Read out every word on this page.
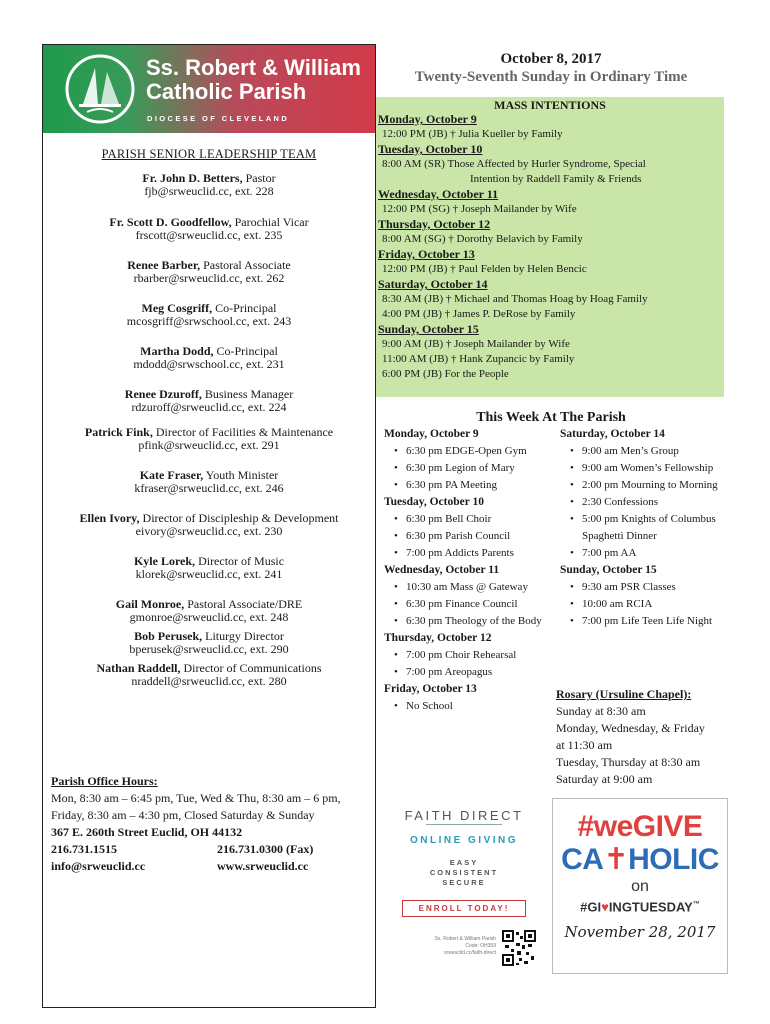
Ss. Robert & William
Catholic Parish
DIOCESE OF CLEVELAND
PARISH SENIOR LEADERSHIP TEAM
Fr. John D. Betters, Pastor
fjb@srweuclid.cc, ext. 228
Fr. Scott D. Goodfellow, Parochial Vicar
frscott@srweuclid.cc, ext. 235
Renee Barber, Pastoral Associate
rbarber@srweuclid.cc, ext. 262
Meg Cosgriff, Co-Principal
mcosgriff@srwschool.cc, ext. 243
Martha Dodd, Co-Principal
mdodd@srwschool.cc, ext. 231
Renee Dzuroff, Business Manager
rdzuroff@srweuclid.cc, ext. 224
Patrick Fink, Director of Facilities & Maintenance
pfink@srweuclid.cc, ext. 291
Kate Fraser, Youth Minister
kfraser@srweuclid.cc, ext. 246
Ellen Ivory, Director of Discipleship & Development
eivory@srweuclid.cc, ext. 230
Kyle Lorek, Director of Music
klorek@srweuclid.cc, ext. 241
Gail Monroe, Pastoral Associate/DRE
gmonroe@srweuclid.cc, ext. 248
Bob Perusek, Liturgy Director
bperusek@srweuclid.cc, ext. 290
Nathan Raddell, Director of Communications
nraddell@srweuclid.cc, ext. 280
Parish Office Hours:
Mon, 8:30 am – 6:45 pm, Tue, Wed & Thu, 8:30 am – 6 pm,
Friday, 8:30 am – 4:30 pm, Closed Saturday & Sunday
367 E. 260th Street Euclid, OH 44132
216.731.1515	216.731.0300 (Fax)
info@srweuclid.cc	www.srweuclid.cc
October 8, 2017
Twenty-Seventh Sunday in Ordinary Time
MASS INTENTIONS
Monday, October 9
12:00 PM (JB) † Julia Kueller by Family
Tuesday, October 10
8:00 AM (SR) Those Affected by Hurler Syndrome, Special
Intention by Raddell Family & Friends
Wednesday, October 11
12:00 PM (SG) † Joseph Mailander by Wife
Thursday, October 12
8:00 AM (SG) † Dorothy Belavich by Family
Friday, October 13
12:00 PM (JB) † Paul Felden by Helen Bencic
Saturday, October 14
8:30 AM (JB) † Michael and Thomas Hoag by Hoag Family
4:00 PM (JB) † James P. DeRose by Family
Sunday, October 15
9:00 AM (JB) † Joseph Mailander by Wife
11:00 AM (JB) † Hank Zupancic by Family
6:00 PM (JB) For the People
This Week At The Parish
Monday, October 9
• 6:30 pm EDGE-Open Gym
• 6:30 pm Legion of Mary
• 6:30 pm PA Meeting
Tuesday, October 10
• 6:30 pm Bell Choir
• 6:30 pm Parish Council
• 7:00 pm Addicts Parents
Wednesday, October 11
• 10:30 am Mass @ Gateway
• 6:30 pm Finance Council
• 6:30 pm Theology of the Body
Thursday, October 12
• 7:00 pm Choir Rehearsal
• 7:00 pm Areopagus
Friday, October 13
• No School
Saturday, October 14
• 9:00 am Men’s Group
• 9:00 am Women’s Fellowship
• 2:00 pm Mourning to Morning
• 2:30 Confessions
• 5:00 pm Knights of Columbus Spaghetti Dinner
• 7:00 pm AA
Sunday, October 15
• 9:30 am PSR Classes
• 10:00 am RCIA
• 7:00 pm Life Teen Life Night
Rosary (Ursuline Chapel):
Sunday at 8:30 am
Monday, Wednesday, & Friday
at 11:30 am
Tuesday, Thursday at 8:30 am
Saturday at 9:00 am
FAITH DIRECT
ONLINE GIVING
EASY
CONSISTENT
SECURE
ENROLL TODAY!
Ss. Robert & William Parish
Code: OH359
srweuclid.cc/faith-direct
#weGIVE
CA✝HOLIC
on
#GI♥INGTUESDAY™
November 28, 2017
